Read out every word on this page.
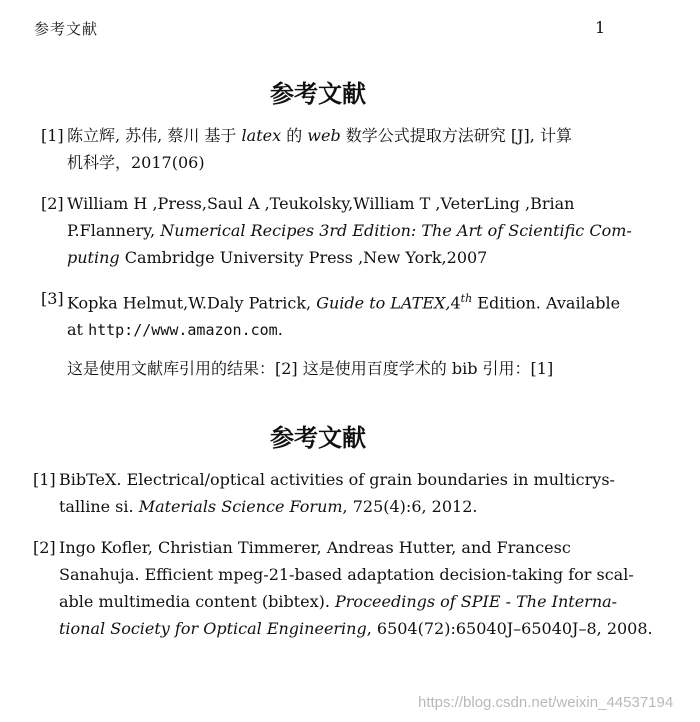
参考文献	1
参考文献
[1] 陈立辉, 苏伟, 蔡川 基于 latex 的 web 数学公式提取方法研究 [J], 计算
机科学，2017(06)
[2] William H ,Press,Saul A ,Teukolsky,William T ,VeterLing ,Brian
P.Flannery, Numerical Recipes 3rd Edition: The Art of Scientific Com-
puting Cambridge University Press ,New York,2007
[3] Kopka Helmut,W.Daly Patrick, Guide to LATEX,4th Edition. Available
at http://www.amazon.com.
这是使用文献库引用的结果：[2] 这是使用百度学术的 bib 引用：[1]
参考文献
[1] BibTeX. Electrical/optical activities of grain boundaries in multicrys-
talline si. Materials Science Forum, 725(4):6, 2012.
[2] Ingo Kofler, Christian Timmerer, Andreas Hutter, and Francesc
Sanahuja. Efficient mpeg-21-based adaptation decision-taking for scal-
able multimedia content (bibtex). Proceedings of SPIE - The Interna-
tional Society for Optical Engineering, 6504(72):65040J–65040J–8, 2008.
https://blog.csdn.net/weixin_44537194
